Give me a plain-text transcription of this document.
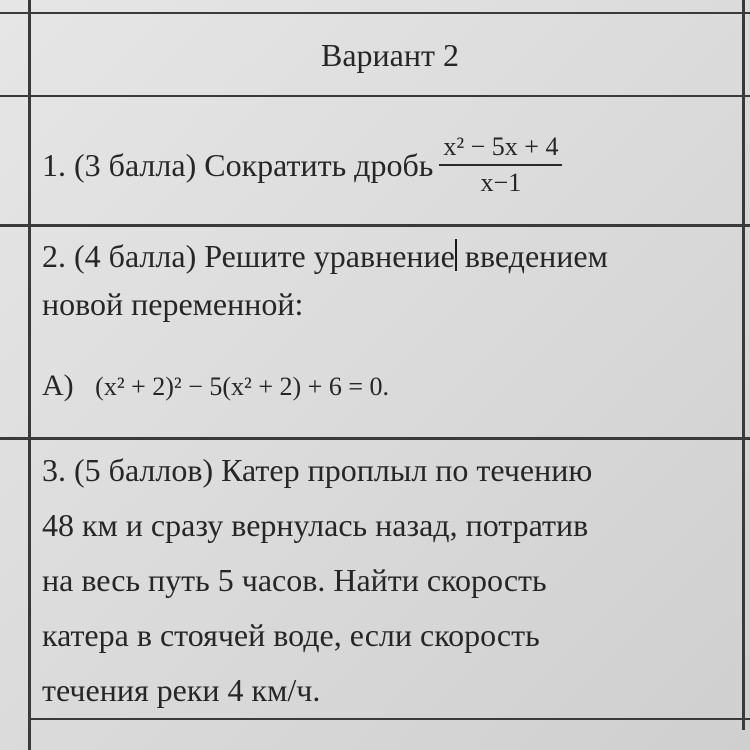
Вариант 2
1. (3 балла) Сократить дробь $\frac{\text{x² − 5x + 4}}{x-1}$

2. (4 балла) Решите уравнение введением

новой переменной:

A) (x² + 2)² − 5(x² + 2) + 6 = 0.

3. (5 баллов) Катер проплыл по течению

48 км и сразу вернулась назад, потратив

на весь путь 5 часов. Найти скорость

катера в стоячей воде, если скорость

течения реки 4 км/ч.
